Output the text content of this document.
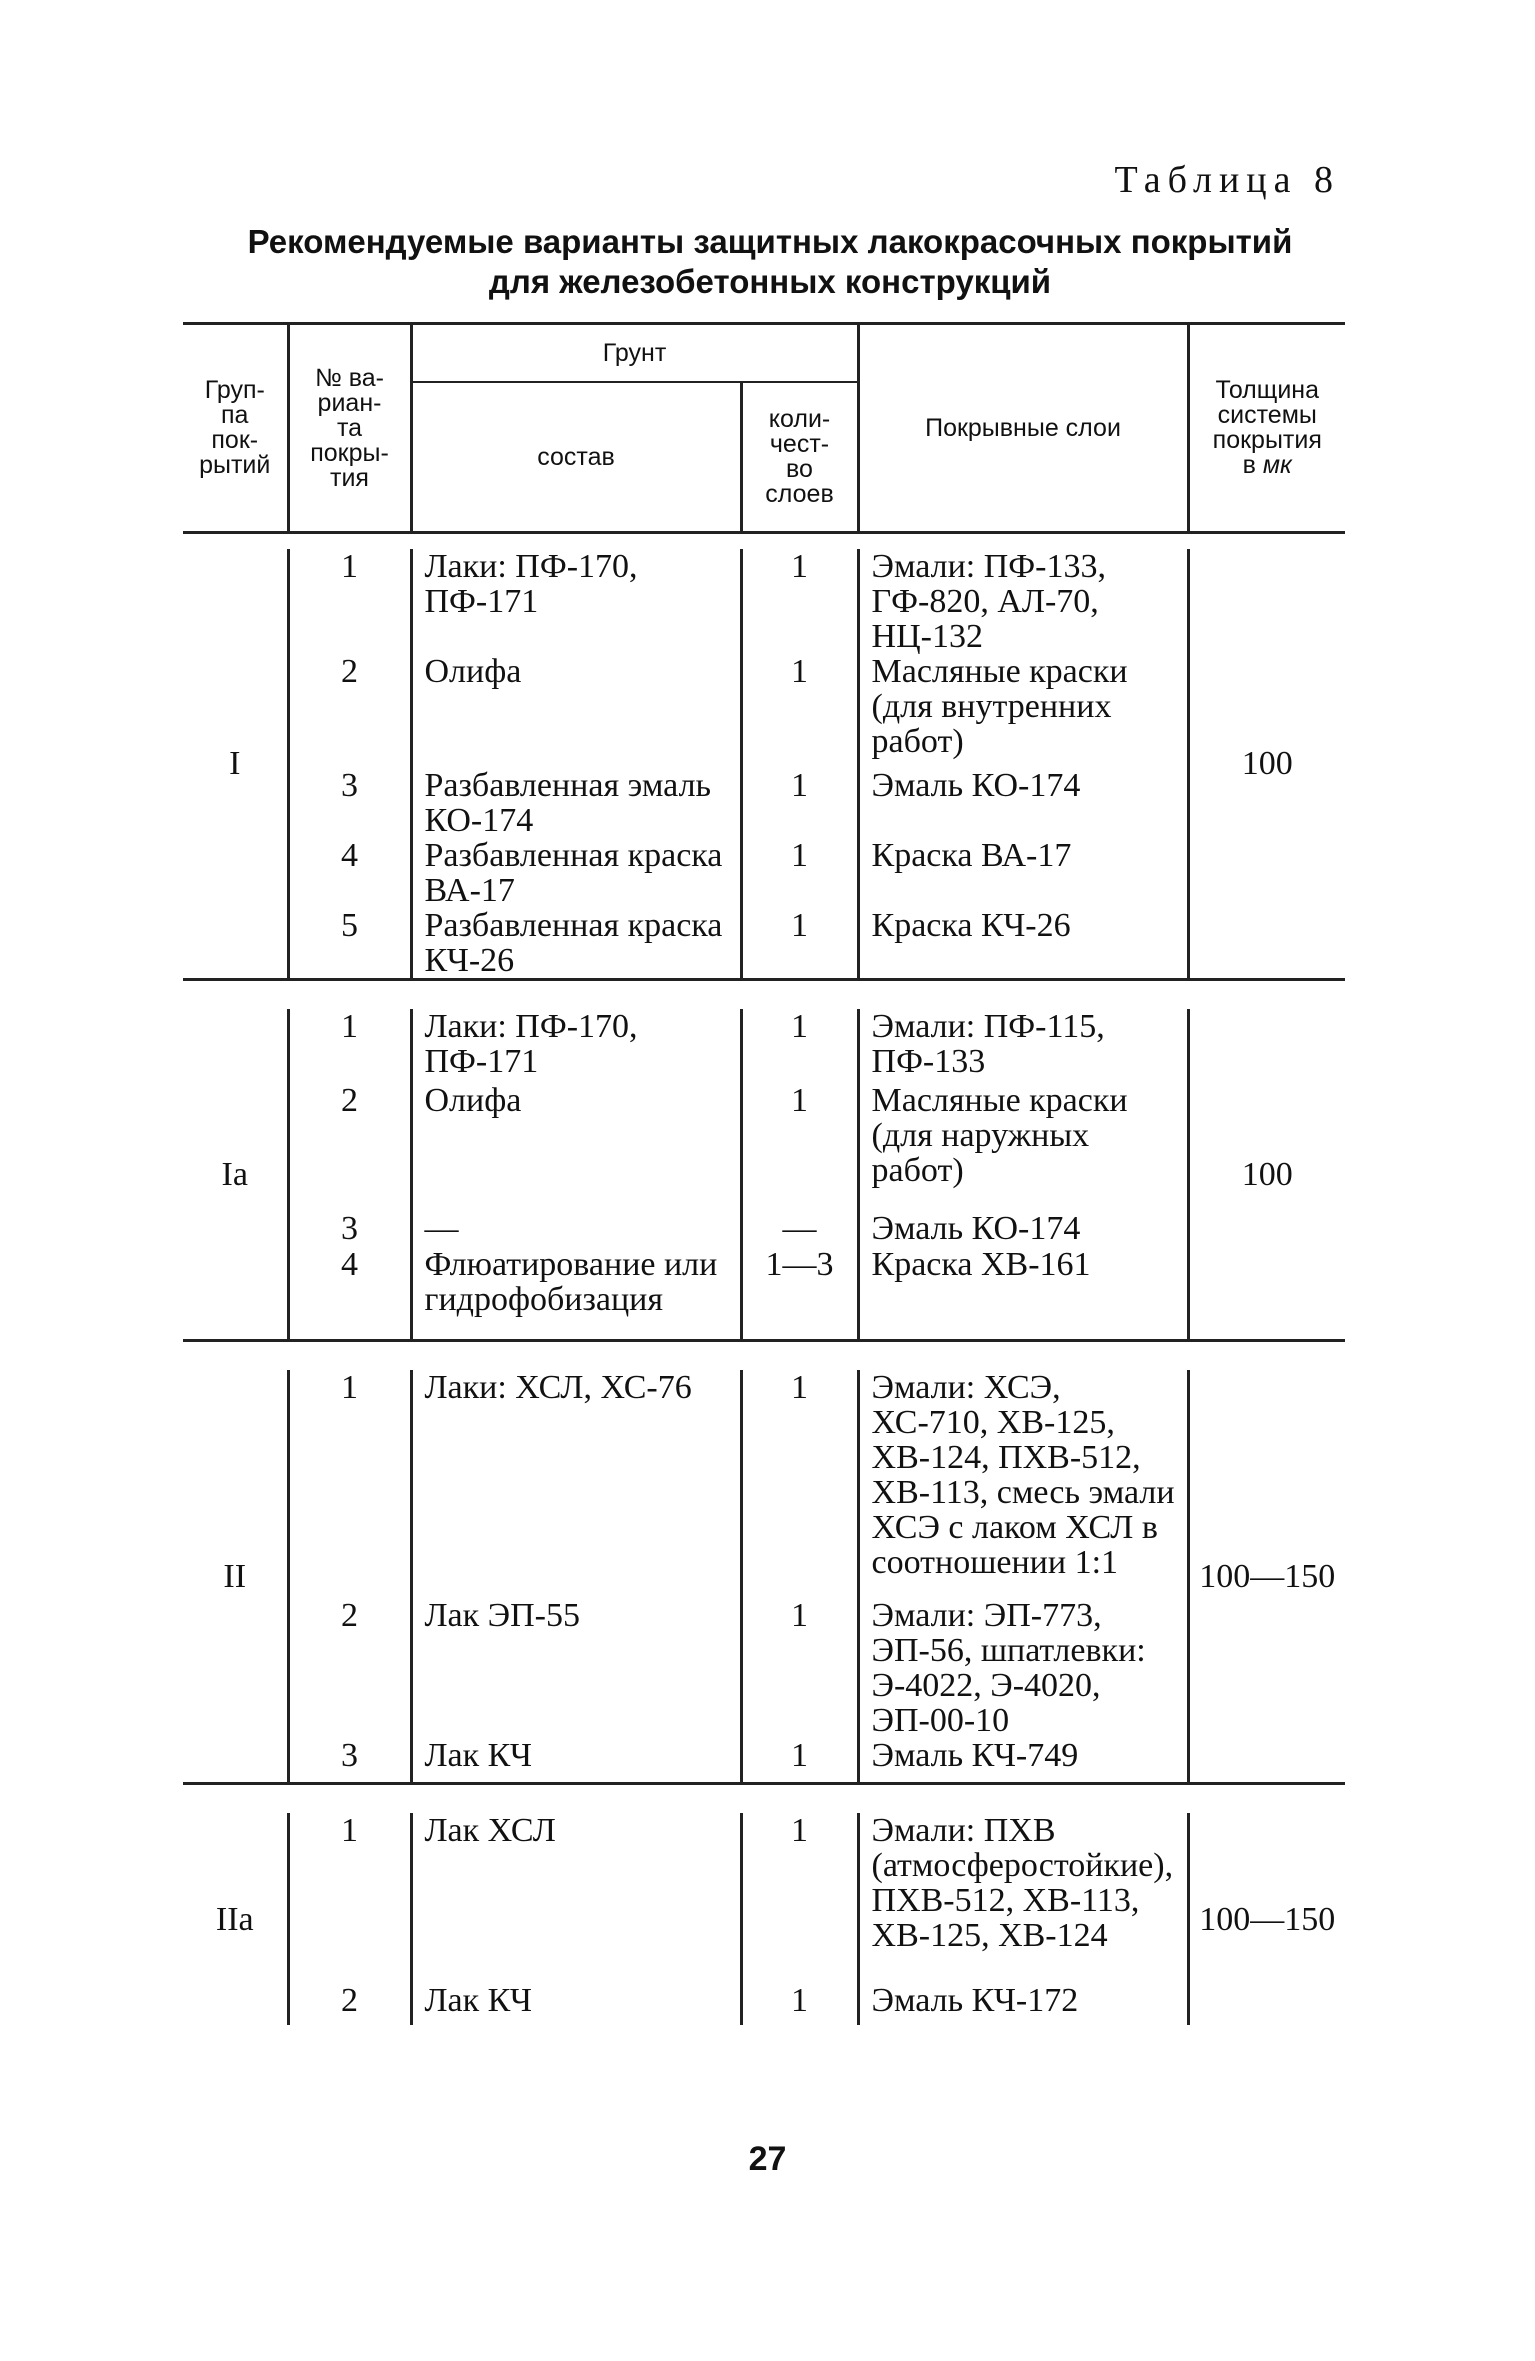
Таблица 8
Рекомендуемые варианты защитных лакокрасочных покрытий
для железобетонных конструкций
Груп-
па
пок-
рытий	№ ва-
риан-
та
покры-
тия	Грунт		Покрывные слои	Толщина
системы
покрытия
в мк
		состав	коли-
чест-
во
слоев		

I	1	Лаки: ПФ-170, ПФ-171	1	Эмали: ПФ-133, ГФ-820, АЛ-70, НЦ-132	100
	2	Олифа	1	Масляные краски (для внутренних работ)	
	3	Разбавленная эмаль КО-174	1	Эмаль КО-174	
	4	Разбавленная краска ВА-17	1	Краска ВА-17	
	5	Разбавленная краска КЧ-26	1	Краска КЧ-26	

Ia	1	Лаки: ПФ-170, ПФ-171	1	Эмали: ПФ-115, ПФ-133	100
	2	Олифа	1	Масляные краски (для наружных работ)	
	3	—	—	Эмаль КО-174	
	4	Флюатирование или гидрофобизация	1—3	Краска ХВ-161	

II	1	Лаки: ХСЛ, ХС-76	1	Эмали: ХСЭ, ХС-710, ХВ-125, ХВ-124, ПХВ-512, ХВ-113, смесь эмали ХСЭ с лаком ХСЛ в соотношении 1:1	100—150
	2	Лак ЭП-55	1	Эмали: ЭП-773, ЭП-56, шпатлевки: Э-4022, Э-4020, ЭП-00-10	
	3	Лак КЧ	1	Эмаль КЧ-749	

IIa	1	Лак ХСЛ	1	Эмали: ПХВ (атмосферостойкие), ПХВ-512, ХВ-113, ХВ-125, ХВ-124	100—150
	2	Лак КЧ	1	Эмаль КЧ-172	
27
